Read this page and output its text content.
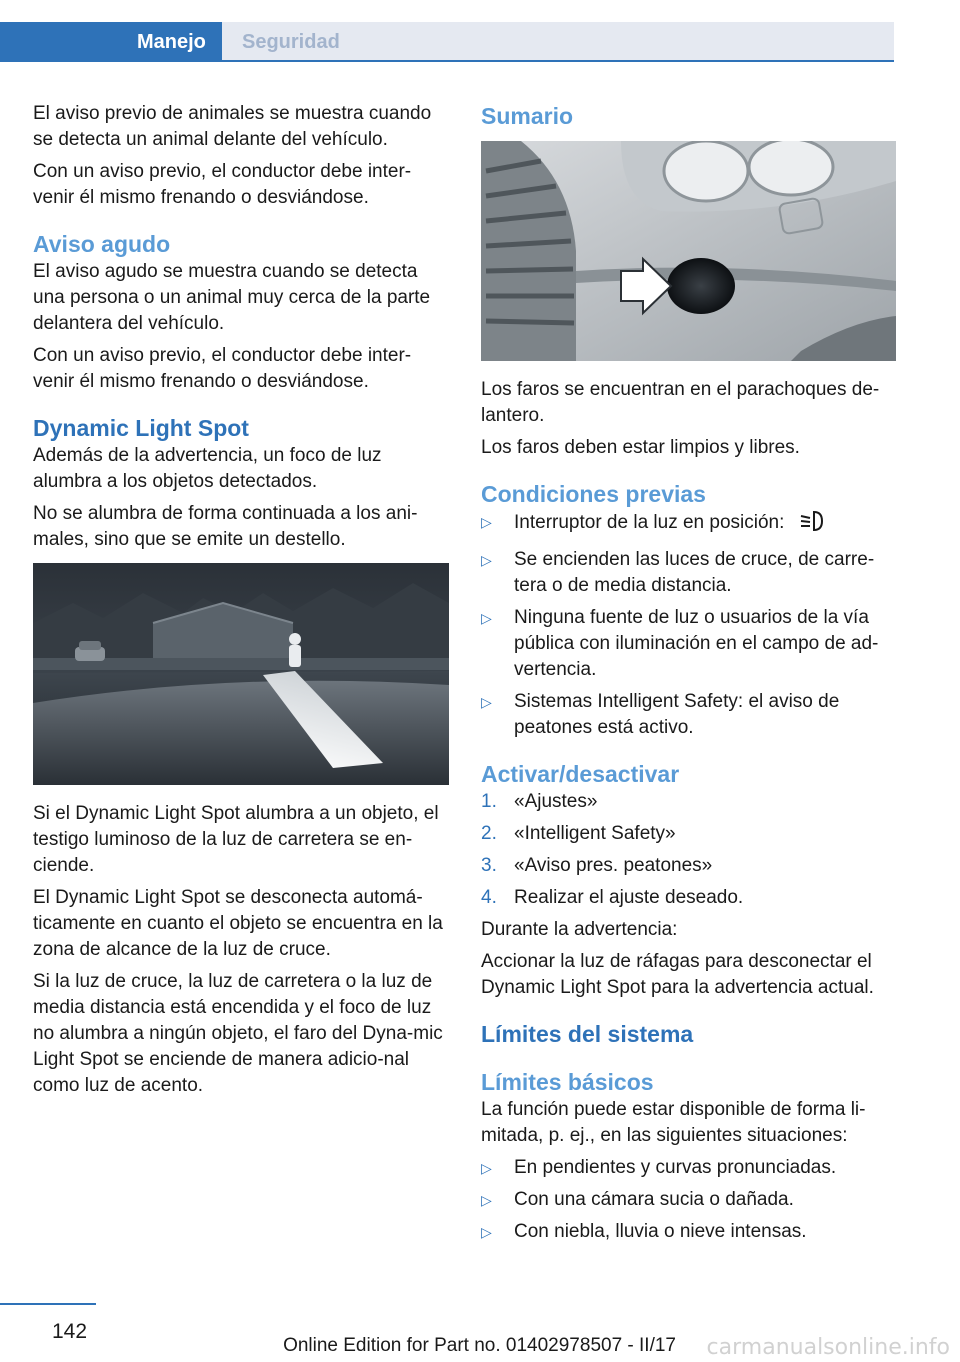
Manejo	Seguridad

El aviso previo de animales se muestra cuando se detecta un animal delante del vehículo.

Con un aviso previo, el conductor debe inter‐venir él mismo frenando o desviándose.

Aviso agudo

El aviso agudo se muestra cuando se detecta una persona o un animal muy cerca de la parte delantera del vehículo.

Con un aviso previo, el conductor debe inter‐venir él mismo frenando o desviándose.

Dynamic Light Spot

Además de la advertencia, un foco de luz alumbra a los objetos detectados.

No se alumbra de forma continuada a los ani‐males, sino que se emite un destello.

Si el Dynamic Light Spot alumbra a un objeto, el testigo luminoso de la luz de carretera se en‐ciende.

El Dynamic Light Spot se desconecta automá‐ticamente en cuanto el objeto se encuentra en la zona de alcance de la luz de cruce.

Si la luz de cruce, la luz de carretera o la luz de media distancia está encendida y el foco de luz no alumbra a ningún objeto, el faro del Dyna‐mic Light Spot se enciende de manera adicio‐nal como luz de acento.

Sumario

Los faros se encuentran en el parachoques de‐lantero.

Los faros deben estar limpios y libres.

Condiciones previas
▷ Interruptor de la luz en posición:
▷ Se encienden las luces de cruce, de carre‐tera o de media distancia.
▷ Ninguna fuente de luz o usuarios de la vía pública con iluminación en el campo de ad‐vertencia.
▷ Sistemas Intelligent Safety: el aviso de peatones está activo.
Activar/desactivar
1. «Ajustes»
2. «Intelligent Safety»
3. «Aviso pres. peatones»
4. Realizar el ajuste deseado.

Durante la advertencia:

Accionar la luz de ráfagas para desconectar el Dynamic Light Spot para la advertencia actual.

Límites del sistema
Límites básicos

La función puede estar disponible de forma li‐mitada, p. ej., en las siguientes situaciones:

▷ En pendientes y curvas pronunciadas.
▷ Con una cámara sucia o dañada.
▷ Con niebla, lluvia o nieve intensas.
142
Online Edition for Part no. 01402978507 - II/17 carmanualsonline.info
